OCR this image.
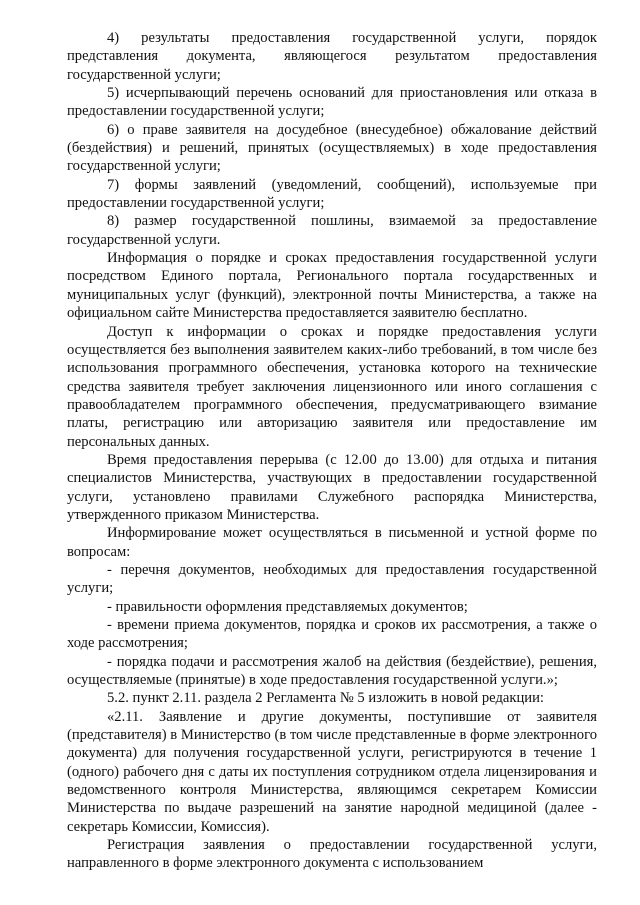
4) результаты предоставления государственной услуги, порядок представления документа, являющегося результатом предоставления государственной услуги;

5) исчерпывающий перечень оснований для приостановления или отказа в предоставлении государственной услуги;

6) о праве заявителя на досудебное (внесудебное) обжалование действий (бездействия) и решений, принятых (осуществляемых) в ходе предоставления государственной услуги;

7) формы заявлений (уведомлений, сообщений), используемые при предоставлении государственной услуги;

8) размер государственной пошлины, взимаемой за предоставление государственной услуги.

Информация о порядке и сроках предоставления государственной услуги посредством Единого портала, Регионального портала государственных и муниципальных услуг (функций), электронной почты Министерства, а также на официальном сайте Министерства предоставляется заявителю бесплатно.

Доступ к информации о сроках и порядке предоставления услуги осуществляется без выполнения заявителем каких-либо требований, в том числе без использования программного обеспечения, установка которого на технические средства заявителя требует заключения лицензионного или иного соглашения с правообладателем программного обеспечения, предусматривающего взимание платы, регистрацию или авторизацию заявителя или предоставление им персональных данных.

Время предоставления перерыва (с 12.00 до 13.00) для отдыха и питания специалистов Министерства, участвующих в предоставлении государственной услуги, установлено правилами Служебного распорядка Министерства, утвержденного приказом Министерства.

Информирование может осуществляться в письменной и устной форме по вопросам:

- перечня документов, необходимых для предоставления государственной услуги;

- правильности оформления представляемых документов;

- времени приема документов, порядка и сроков их рассмотрения, а также о ходе рассмотрения;

- порядка подачи и рассмотрения жалоб на действия (бездействие), решения, осуществляемые (принятые) в ходе предоставления государственной услуги.»;

5.2. пункт 2.11. раздела 2 Регламента № 5 изложить в новой редакции:

«2.11. Заявление и другие документы, поступившие от заявителя (представителя) в Министерство (в том числе представленные в форме электронного документа) для получения государственной услуги, регистрируются в течение 1 (одного) рабочего дня с даты их поступления сотрудником отдела лицензирования и ведомственного контроля Министерства, являющимся секретарем Комиссии Министерства по выдаче разрешений на занятие народной медициной (далее - секретарь Комиссии, Комиссия).

Регистрация заявления о предоставлении государственной услуги, направленного в форме электронного документа с использованием
